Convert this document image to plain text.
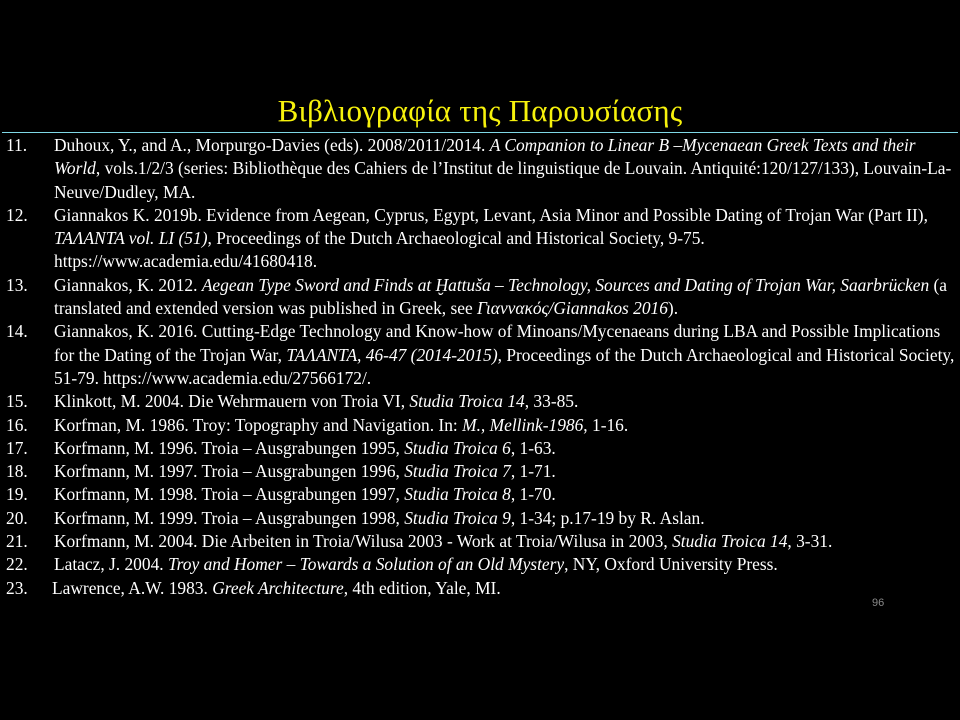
Βιβλιογραφία της Παρουσίασης
11. Duhoux, Y., and A., Morpurgo-Davies (eds). 2008/2011/2014. A Companion to Linear B –Mycenaean Greek Texts and their World, vols.1/2/3 (series: Bibliothèque des Cahiers de l’Institut de linguistique de Louvain. Antiquité:120/127/133), Louvain-La-Neuve/Dudley, MA.
12. Giannakos K. 2019b. Evidence from Aegean, Cyprus, Egypt, Levant, Asia Minor and Possible Dating of Trojan War (Part II), ΤΑΛΑΝΤΑ vol. LI (51), Proceedings of the Dutch Archaeological and Historical Society, 9-75. https://www.academia.edu/41680418.
13. Giannakos, K. 2012. Aegean Type Sword and Finds at Ḫattuša – Technology, Sources and Dating of Trojan War, Saarbrücken (a translated and extended version was published in Greek, see Γιαννακός/Giannakos 2016).
14. Giannakos, K. 2016. Cutting-Edge Technology and Know-how of Minoans/Mycenaeans during LBA and Possible Implications for the Dating of the Trojan War, ΤΑΛΑΝΤΑ, 46-47 (2014-2015), Proceedings of the Dutch Archaeological and Historical Society, 51-79. https://www.academia.edu/27566172/.
15. Klinkott, M. 2004. Die Wehrmauern von Troia VI, Studia Troica 14, 33-85.
16. Korfman, M. 1986. Troy: Topography and Navigation. In: M., Mellink-1986, 1-16.
17. Korfmann, M. 1996. Troia – Ausgrabungen 1995, Studia Troica 6, 1-63.
18. Korfmann, M. 1997. Troia – Ausgrabungen 1996, Studia Troica 7, 1-71.
19. Korfmann, M. 1998. Troia – Ausgrabungen 1997, Studia Troica 8, 1-70.
20. Korfmann, M. 1999. Troia – Ausgrabungen 1998, Studia Troica 9, 1-34; p.17-19 by R. Aslan.
21. Korfmann, M. 2004. Die Arbeiten in Troia/Wilusa 2003 - Work at Troia/Wilusa in 2003, Studia Troica 14, 3-31.
22. Latacz, J. 2004. Troy and Homer – Towards a Solution of an Old Mystery, NY, Oxford University Press.
23. Lawrence, A.W. 1983. Greek Architecture, 4th edition, Yale, MI.
96
